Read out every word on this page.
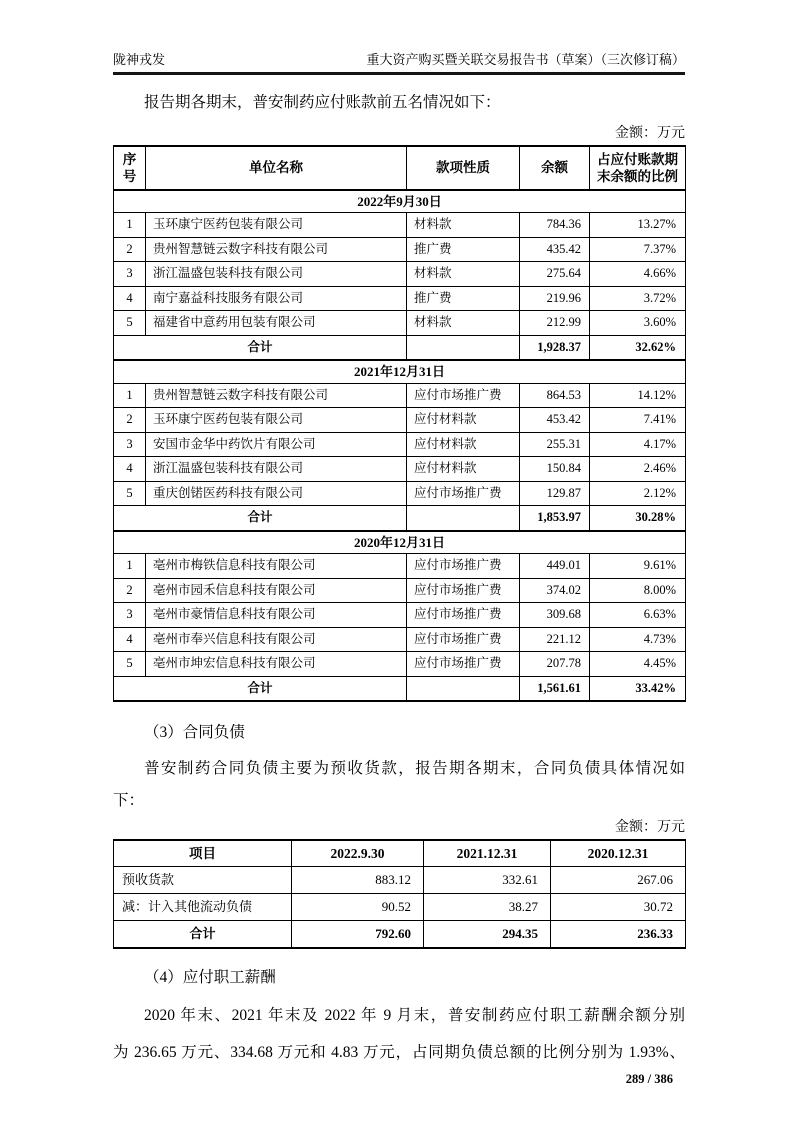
陇神戎发	重大资产购买暨关联交易报告书（草案）（三次修订稿）

报告期各期末，普安制药应付账款前五名情况如下：

金额：万元
序号	单位名称	款项性质	余额	占应付账款期末余额的比例
2022年9月30日				
1	玉环康宁医药包装有限公司	材料款	784.36	13.27%
2	贵州智慧链云数字科技有限公司	推广费	435.42	7.37%
3	浙江温盛包装科技有限公司	材料款	275.64	4.66%
4	南宁嘉益科技服务有限公司	推广费	219.96	3.72%
5	福建省中意药用包装有限公司	材料款	212.99	3.60%
合计			1,928.37	32.62%
2021年12月31日				
1	贵州智慧链云数字科技有限公司	应付市场推广费	864.53	14.12%
2	玉环康宁医药包装有限公司	应付材料款	453.42	7.41%
3	安国市金华中药饮片有限公司	应付材料款	255.31	4.17%
4	浙江温盛包装科技有限公司	应付材料款	150.84	2.46%
5	重庆创锘医药科技有限公司	应付市场推广费	129.87	2.12%
合计			1,853.97	30.28%
2020年12月31日				
1	亳州市梅铁信息科技有限公司	应付市场推广费	449.01	9.61%
2	亳州市园禾信息科技有限公司	应付市场推广费	374.02	8.00%
3	亳州市豪情信息科技有限公司	应付市场推广费	309.68	6.63%
4	亳州市奉兴信息科技有限公司	应付市场推广费	221.12	4.73%
5	亳州市坤宏信息科技有限公司	应付市场推广费	207.78	4.45%
合计			1,561.61	33.42%

（3）合同负债

普安制药合同负债主要为预收货款，报告期各期末，合同负债具体情况如

下：

金额：万元
项目	2022.9.30	2021.12.31	2020.12.31
预收货款	883.12	332.61	267.06
减：计入其他流动负债	90.52	38.27	30.72
合计	792.60	294.35	236.33

（4）应付职工薪酬

2020 年末、2021 年末及 2022 年 9 月末，普安制药应付职工薪酬余额分别

为 236.65 万元、334.68 万元和 4.83 万元，占同期负债总额的比例分别为 1.93%、

289 / 386
